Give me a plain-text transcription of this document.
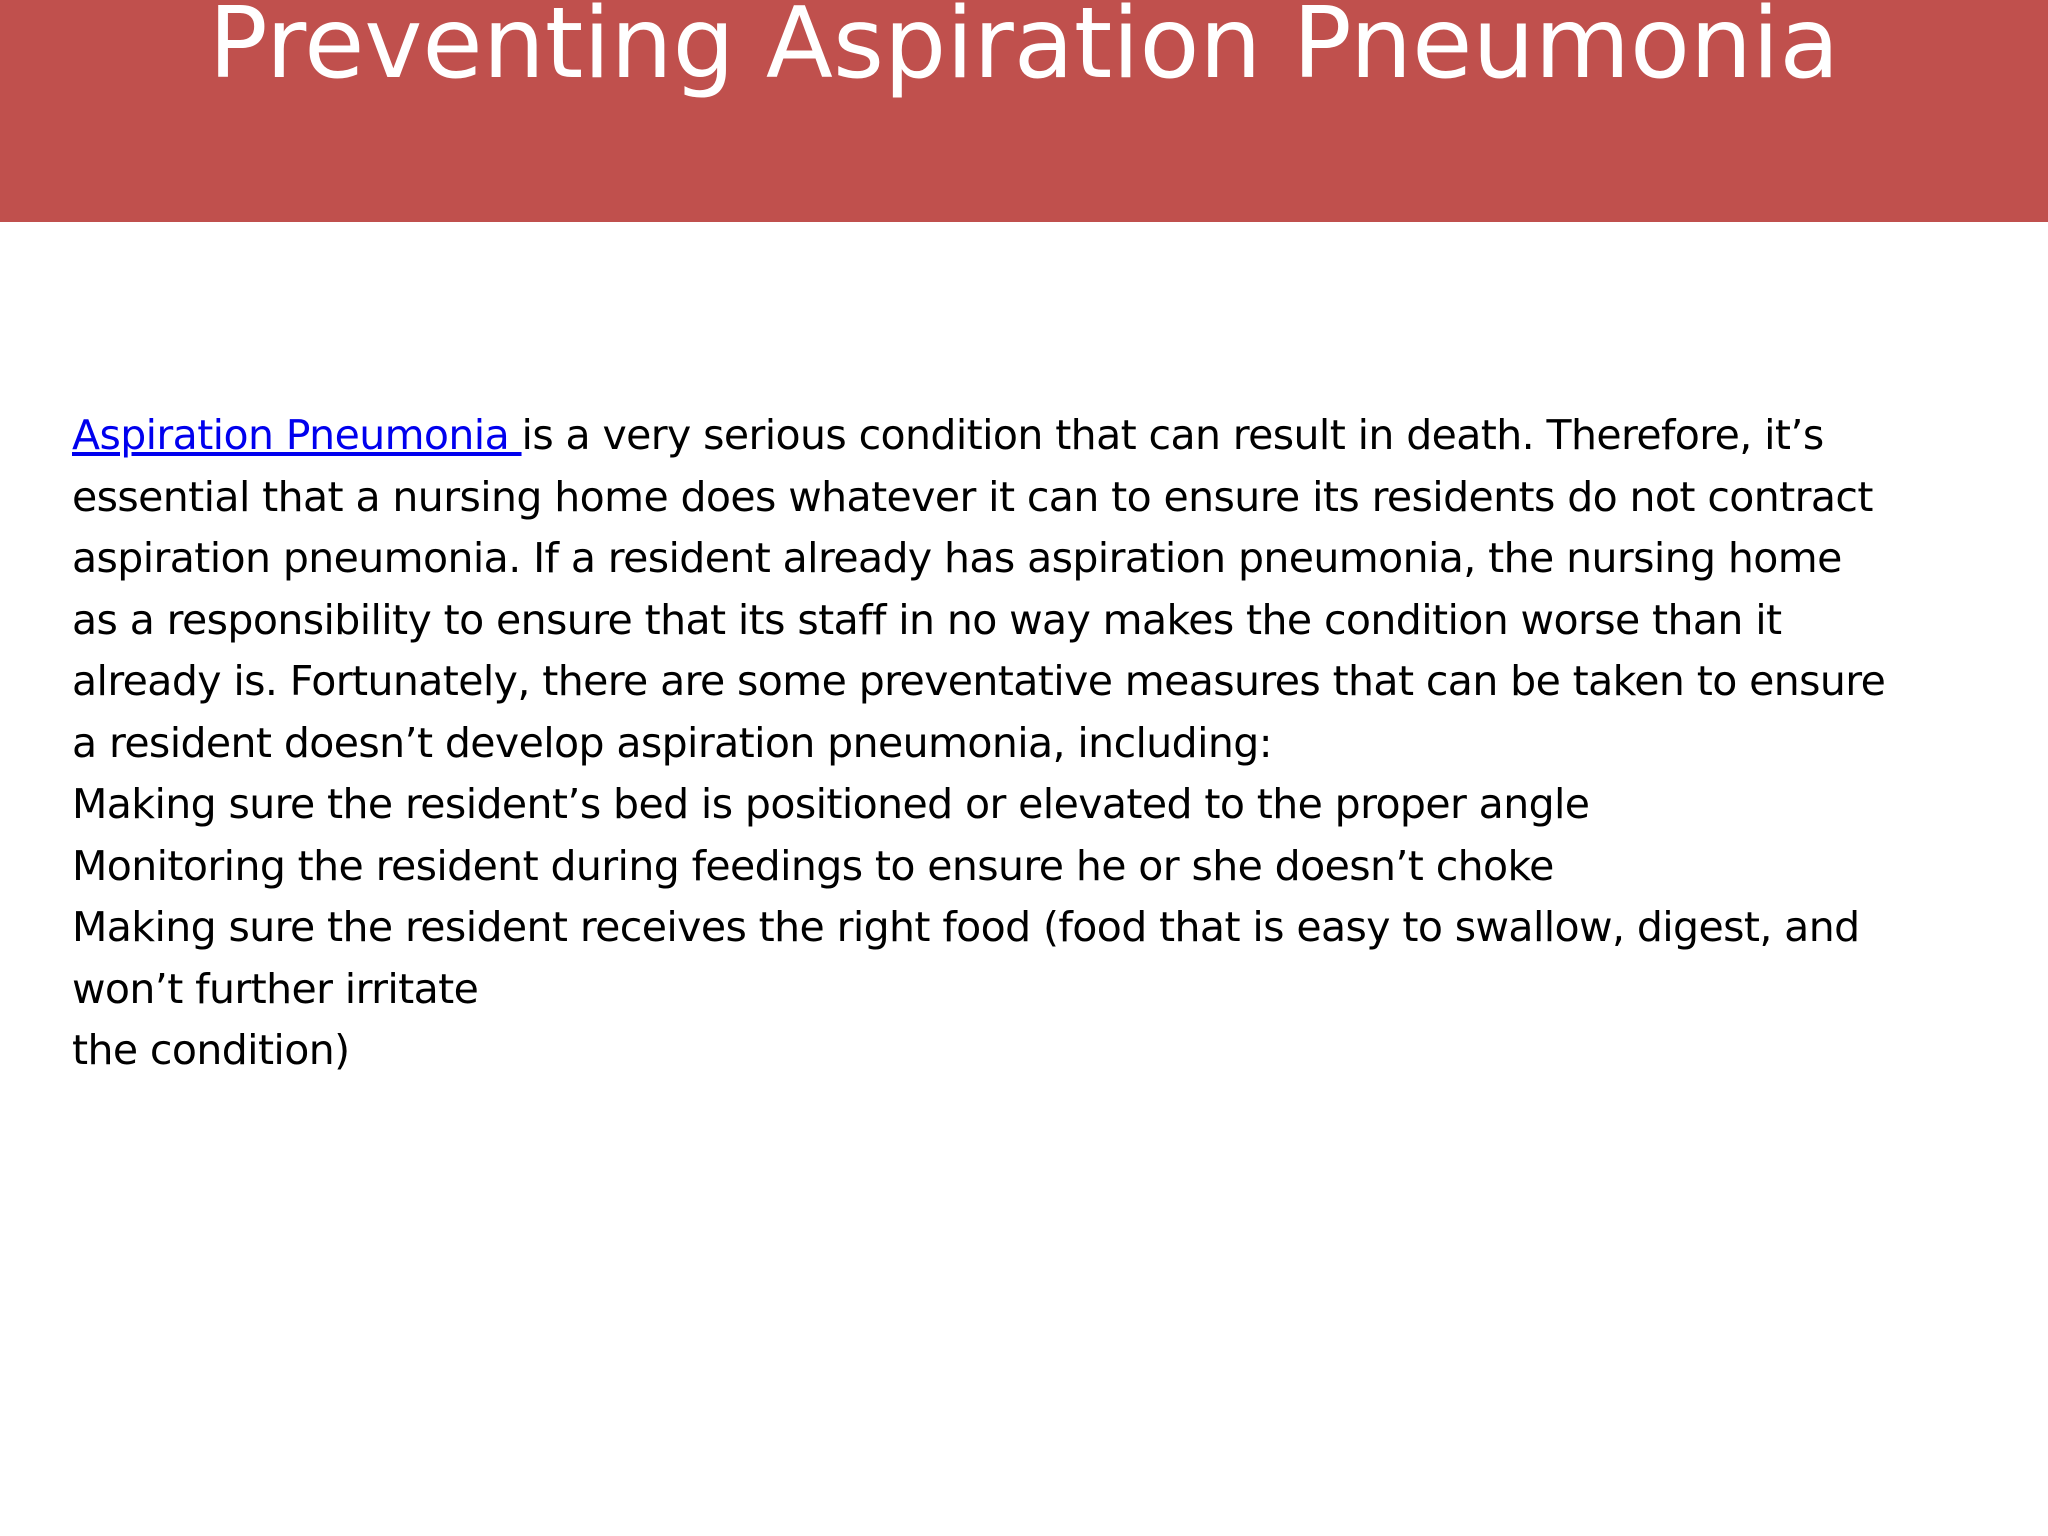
Preventing Aspiration Pneumonia

Aspiration Pneumonia is a very serious condition that can result in death. Therefore, it’s

essential that a nursing home does whatever it can to ensure its residents do not contract

aspiration pneumonia. If a resident already has aspiration pneumonia, the nursing home

as a responsibility to ensure that its staff in no way makes the condition worse than it

already is. Fortunately, there are some preventative measures that can be taken to ensure

a resident doesn’t develop aspiration pneumonia, including:

Making sure the resident’s bed is positioned or elevated to the proper angle

Monitoring the resident during feedings to ensure he or she doesn’t choke

Making sure the resident receives the right food (food that is easy to swallow, digest, and

won’t further irritate

the condition)
